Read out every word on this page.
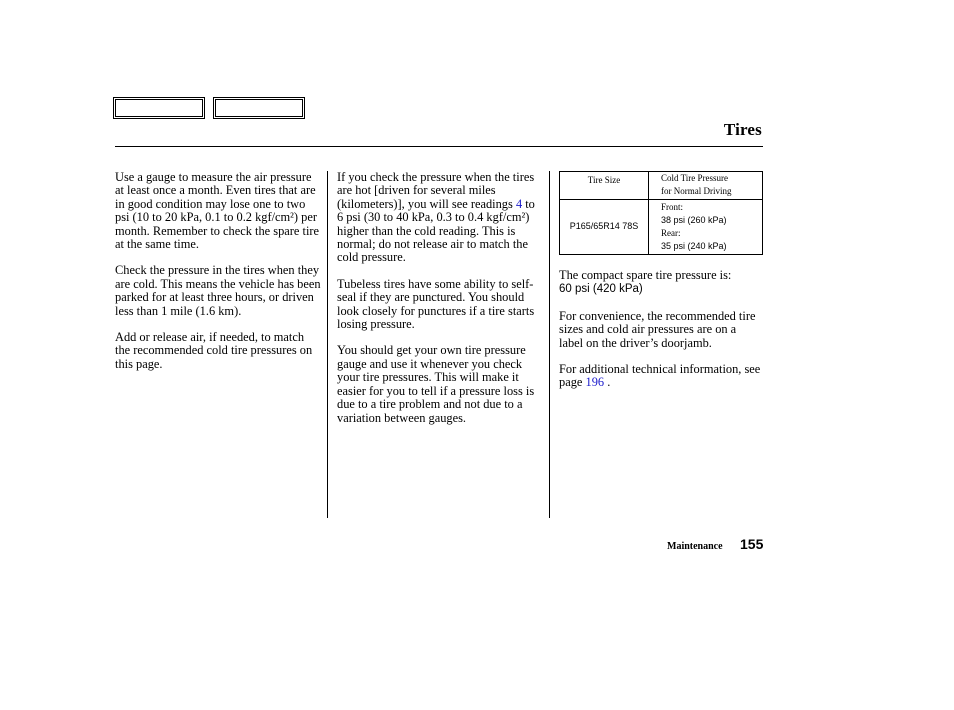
Tires

Use a gauge to measure the air pressure at least once a month. Even tires that are in good condition may lose one to two psi (10 to 20 kPa, 0.1 to 0.2 kgf/cm²) per month. Remember to check the spare tire at the same time.

Check the pressure in the tires when they are cold. This means the vehicle has been parked for at least three hours, or driven less than 1 mile (1.6 km).

Add or release air, if needed, to match the recommended cold tire pressures on this page.

If you check the pressure when the tires are hot [driven for several miles (kilometers)], you will see readings 4 to 6 psi (30 to 40 kPa, 0.3 to 0.4 kgf/cm²) higher than the cold reading. This is normal; do not release air to match the cold pressure.

Tubeless tires have some ability to self-seal if they are punctured. You should look closely for punctures if a tire starts losing pressure.

You should get your own tire pressure gauge and use it whenever you check your tire pressures. This will make it easier for you to tell if a pressure loss is due to a tire problem and not due to a variation between gauges.

Tire Size	Cold Tire Pressure
for Normal Driving

P165/65R14 78S	Front:
38 psi (260 kPa)
Rear:
35 psi (240 kPa)

The compact spare tire pressure is:
60 psi (420 kPa)

For convenience, the recommended tire sizes and cold air pressures are on a label on the driver’s doorjamb.

For additional technical information, see page 196 .

Maintenance 155
